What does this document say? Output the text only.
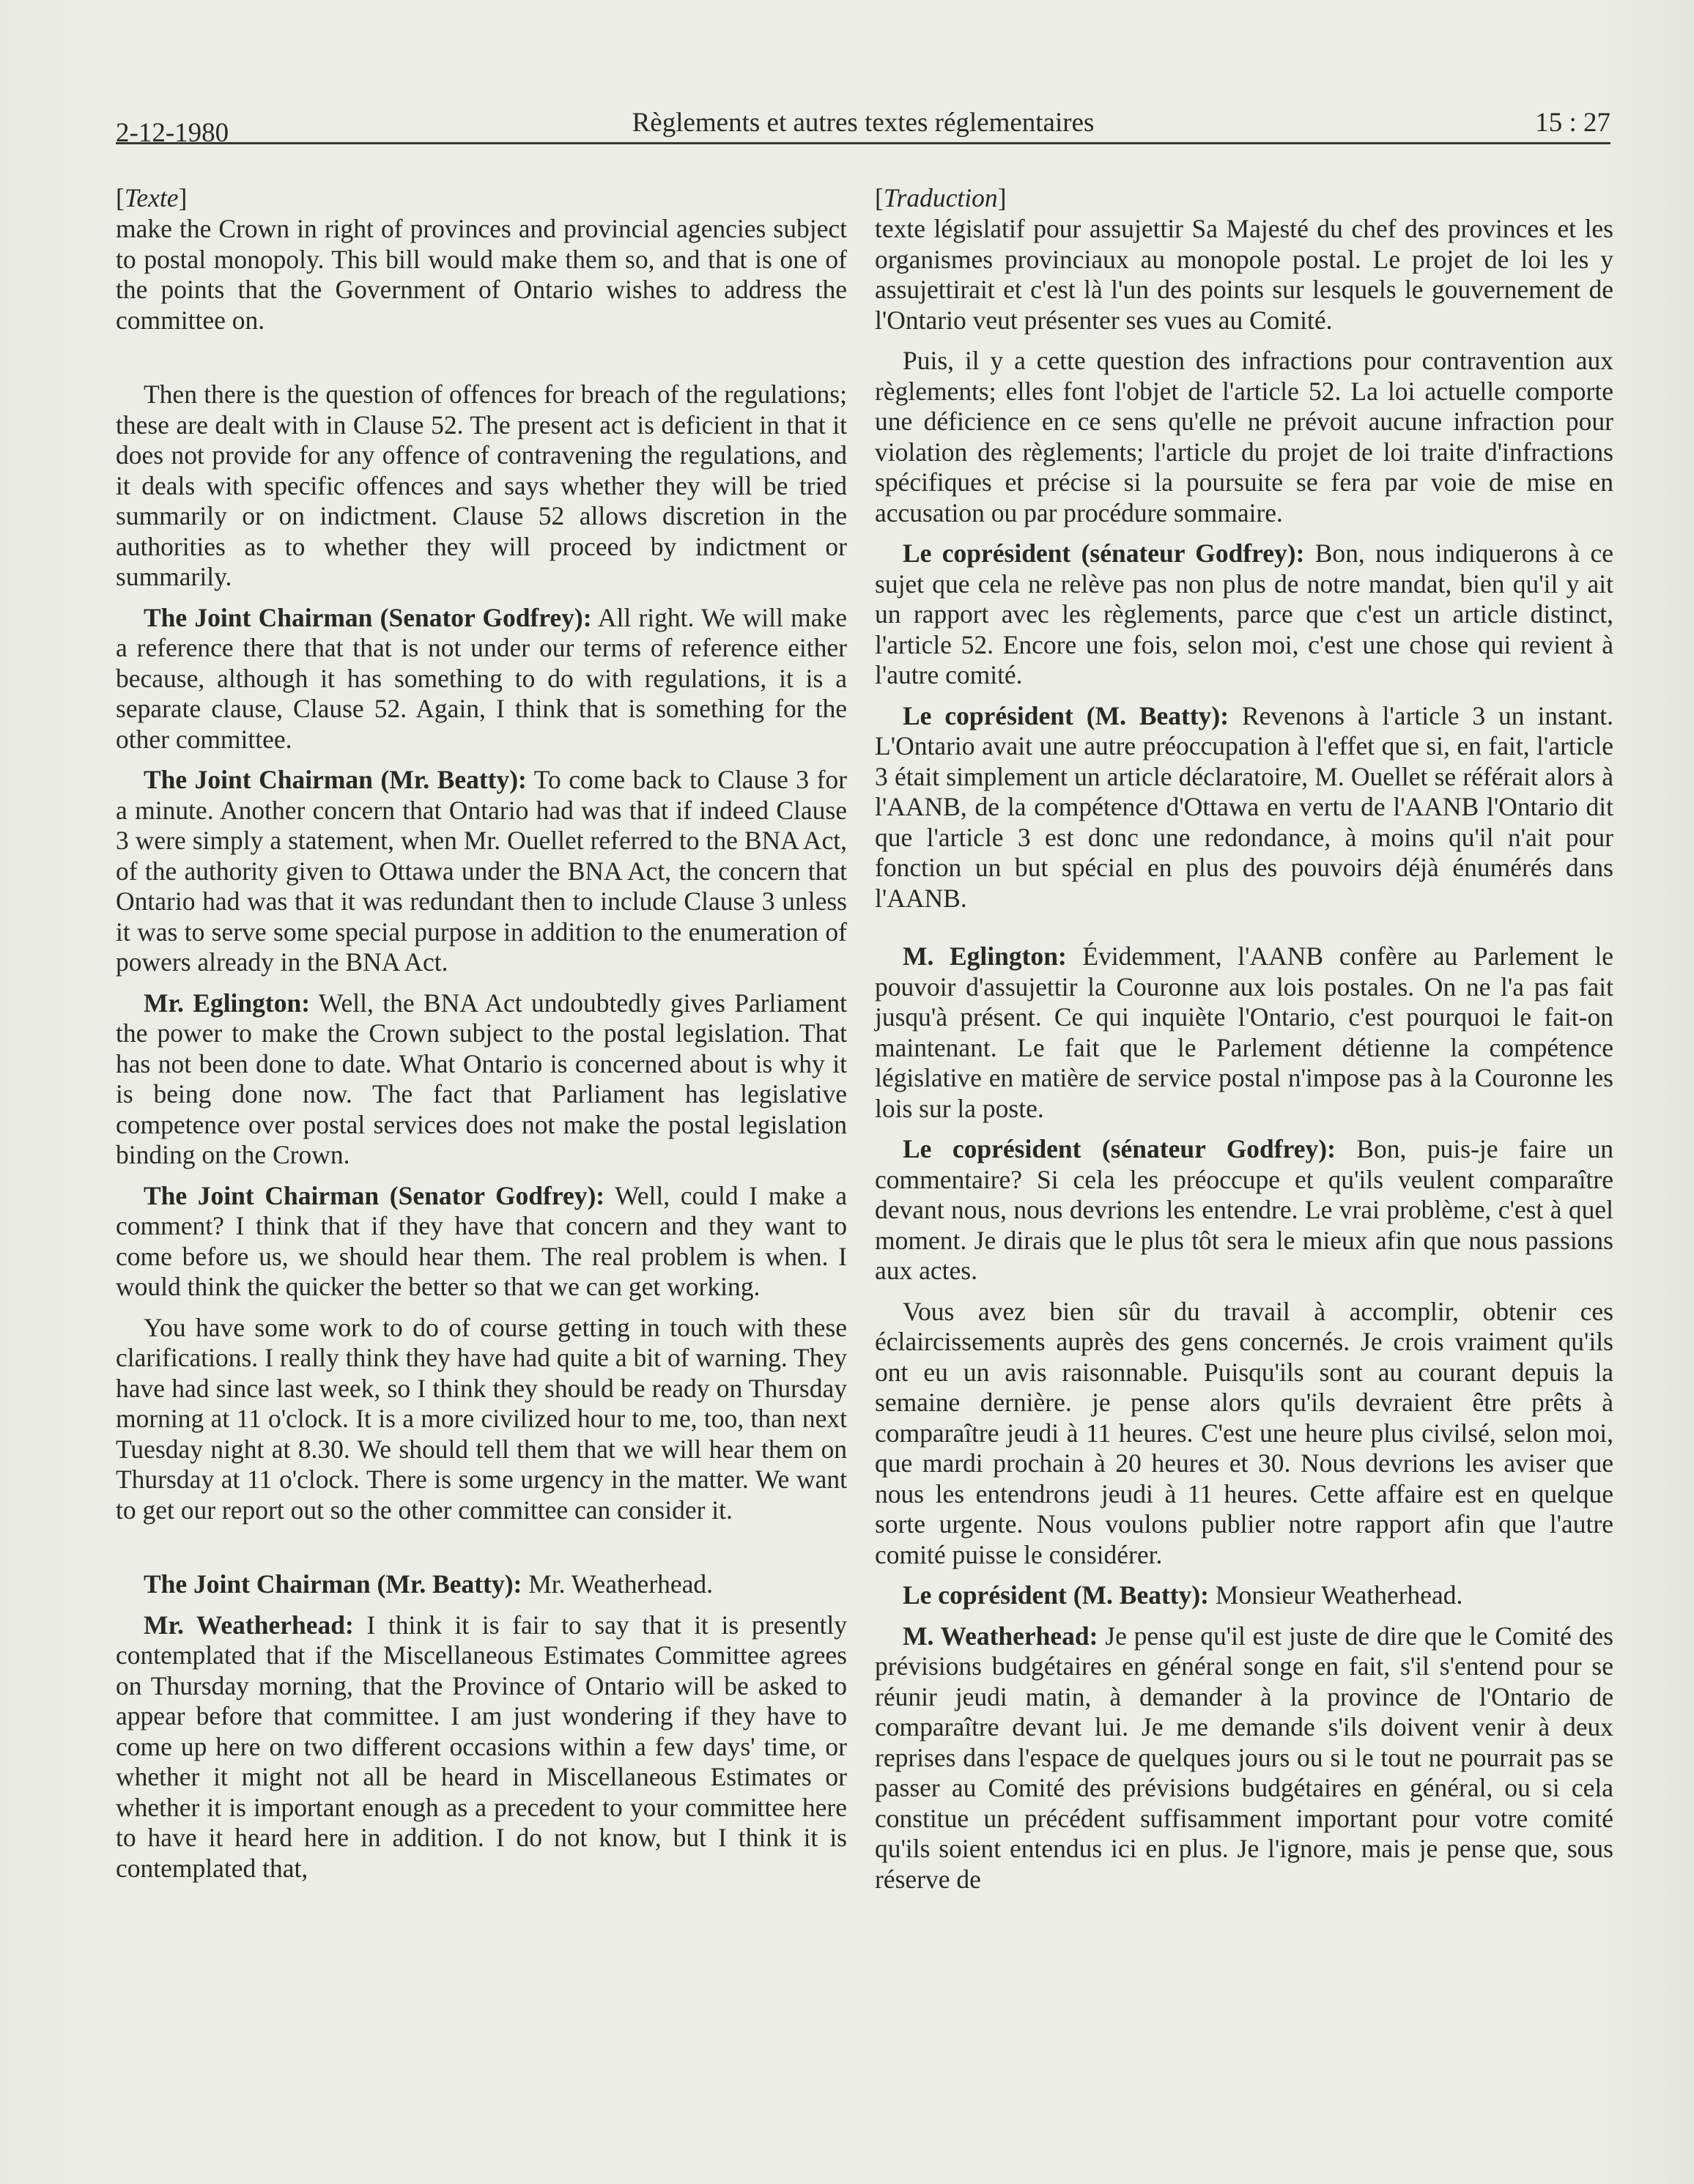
2-12-1980	Règlements et autres textes réglementaires	15 : 27
[Texte]

make the Crown in right of provinces and provincial agencies subject to postal monopoly. This bill would make them so, and that is one of the points that the Government of Ontario wishes to address the committee on.

Then there is the question of offences for breach of the regulations; these are dealt with in Clause 52. The present act is deficient in that it does not provide for any offence of contravening the regulations, and it deals with specific offences and says whether they will be tried summarily or on indictment. Clause 52 allows discretion in the authorities as to whether they will proceed by indictment or summarily.

The Joint Chairman (Senator Godfrey): All right. We will make a reference there that that is not under our terms of reference either because, although it has something to do with regulations, it is a separate clause, Clause 52. Again, I think that is something for the other committee.

The Joint Chairman (Mr. Beatty): To come back to Clause 3 for a minute. Another concern that Ontario had was that if indeed Clause 3 were simply a statement, when Mr. Ouellet referred to the BNA Act, of the authority given to Ottawa under the BNA Act, the concern that Ontario had was that it was redundant then to include Clause 3 unless it was to serve some special purpose in addition to the enumeration of powers already in the BNA Act.

Mr. Eglington: Well, the BNA Act undoubtedly gives Parliament the power to make the Crown subject to the postal legislation. That has not been done to date. What Ontario is concerned about is why it is being done now. The fact that Parliament has legislative competence over postal services does not make the postal legislation binding on the Crown.

The Joint Chairman (Senator Godfrey): Well, could I make a comment? I think that if they have that concern and they want to come before us, we should hear them. The real problem is when. I would think the quicker the better so that we can get working.

You have some work to do of course getting in touch with these clarifications. I really think they have had quite a bit of warning. They have had since last week, so I think they should be ready on Thursday morning at 11 o'clock. It is a more civilized hour to me, too, than next Tuesday night at 8.30. We should tell them that we will hear them on Thursday at 11 o'clock. There is some urgency in the matter. We want to get our report out so the other committee can consider it.

The Joint Chairman (Mr. Beatty): Mr. Weatherhead.

Mr. Weatherhead: I think it is fair to say that it is presently contemplated that if the Miscellaneous Estimates Committee agrees on Thursday morning, that the Province of Ontario will be asked to appear before that committee. I am just wondering if they have to come up here on two different occasions within a few days' time, or whether it might not all be heard in Miscellaneous Estimates or whether it is important enough as a precedent to your committee here to have it heard here in addition. I do not know, but I think it is contemplated that,

[Traduction]

texte législatif pour assujettir Sa Majesté du chef des provinces et les organismes provinciaux au monopole postal. Le projet de loi les y assujettirait et c'est là l'un des points sur lesquels le gouvernement de l'Ontario veut présenter ses vues au Comité.

Puis, il y a cette question des infractions pour contravention aux règlements; elles font l'objet de l'article 52. La loi actuelle comporte une déficience en ce sens qu'elle ne prévoit aucune infraction pour violation des règlements; l'article du projet de loi traite d'infractions spécifiques et précise si la poursuite se fera par voie de mise en accusation ou par procédure sommaire.

Le coprésident (sénateur Godfrey): Bon, nous indiquerons à ce sujet que cela ne relève pas non plus de notre mandat, bien qu'il y ait un rapport avec les règlements, parce que c'est un article distinct, l'article 52. Encore une fois, selon moi, c'est une chose qui revient à l'autre comité.

Le coprésident (M. Beatty): Revenons à l'article 3 un instant. L'Ontario avait une autre préoccupation à l'effet que si, en fait, l'article 3 était simplement un article déclaratoire, M. Ouellet se référait alors à l'AANB, de la compétence d'Ottawa en vertu de l'AANB l'Ontario dit que l'article 3 est donc une redondance, à moins qu'il n'ait pour fonction un but spécial en plus des pouvoirs déjà énumérés dans l'AANB.

M. Eglington: Évidemment, l'AANB confère au Parlement le pouvoir d'assujettir la Couronne aux lois postales. On ne l'a pas fait jusqu'à présent. Ce qui inquiète l'Ontario, c'est pourquoi le fait-on maintenant. Le fait que le Parlement détienne la compétence législative en matière de service postal n'impose pas à la Couronne les lois sur la poste.

Le coprésident (sénateur Godfrey): Bon, puis-je faire un commentaire? Si cela les préoccupe et qu'ils veulent comparaître devant nous, nous devrions les entendre. Le vrai problème, c'est à quel moment. Je dirais que le plus tôt sera le mieux afin que nous passions aux actes.

Vous avez bien sûr du travail à accomplir, obtenir ces éclaircissements auprès des gens concernés. Je crois vraiment qu'ils ont eu un avis raisonnable. Puisqu'ils sont au courant depuis la semaine dernière. je pense alors qu'ils devraient être prêts à comparaître jeudi à 11 heures. C'est une heure plus civilsé, selon moi, que mardi prochain à 20 heures et 30. Nous devrions les aviser que nous les entendrons jeudi à 11 heures. Cette affaire est en quelque sorte urgente. Nous voulons publier notre rapport afin que l'autre comité puisse le considérer.

Le coprésident (M. Beatty): Monsieur Weatherhead.

M. Weatherhead: Je pense qu'il est juste de dire que le Comité des prévisions budgétaires en général songe en fait, s'il s'entend pour se réunir jeudi matin, à demander à la province de l'Ontario de comparaître devant lui. Je me demande s'ils doivent venir à deux reprises dans l'espace de quelques jours ou si le tout ne pourrait pas se passer au Comité des prévisions budgétaires en général, ou si cela constitue un précédent suffisamment important pour votre comité qu'ils soient entendus ici en plus. Je l'ignore, mais je pense que, sous réserve de
